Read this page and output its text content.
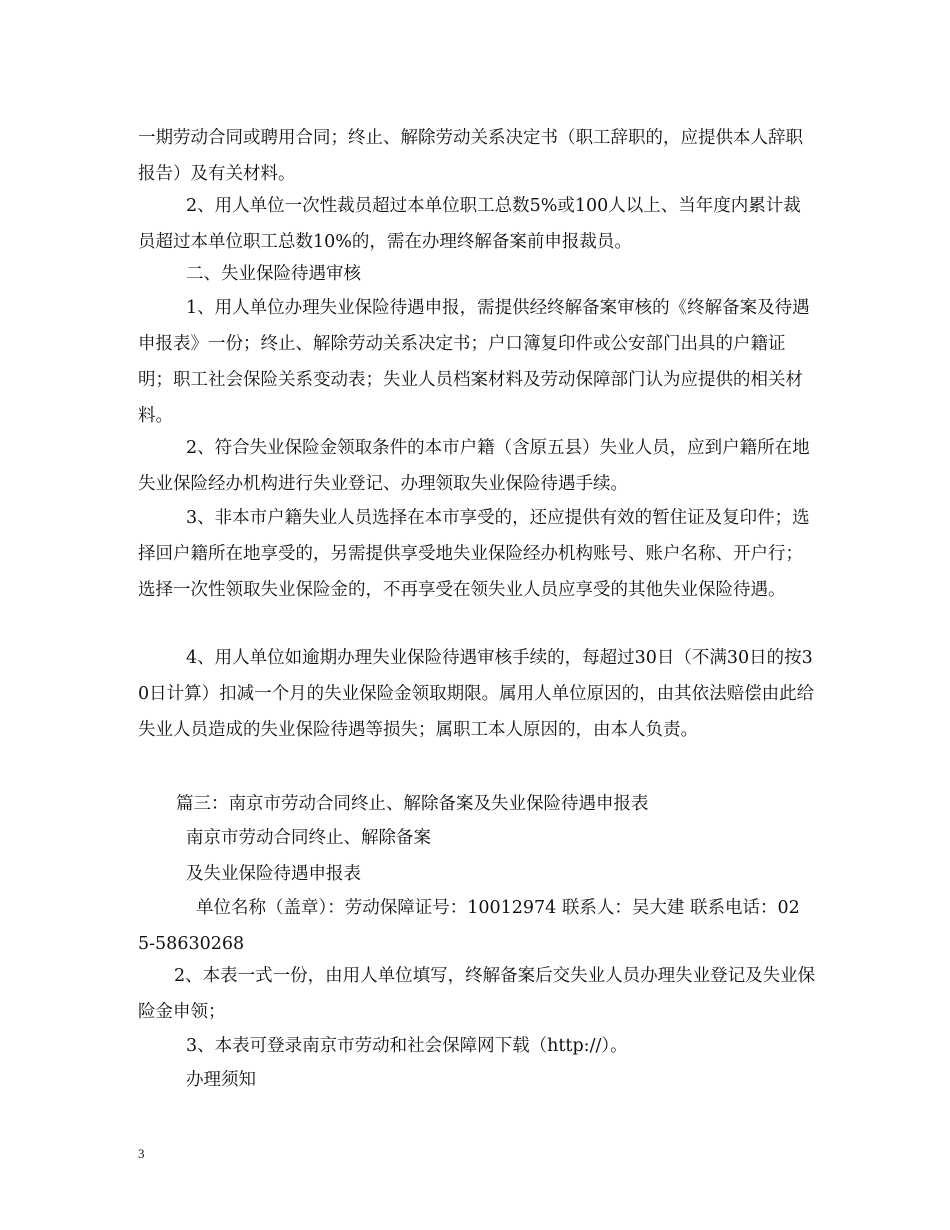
一期劳动合同或聘用合同；终止、解除劳动关系决定书（职工辞职的，应提供本人辞职报告）及有关材料。

2、用人单位一次性裁员超过本单位职工总数5%或100人以上、当年度内累计裁员超过本单位职工总数10%的，需在办理终解备案前申报裁员。

二、失业保险待遇审核

1、用人单位办理失业保险待遇申报，需提供经终解备案审核的《终解备案及待遇申报表》一份；终止、解除劳动关系决定书；户口簿复印件或公安部门出具的户籍证明；职工社会保险关系变动表；失业人员档案材料及劳动保障部门认为应提供的相关材料。

2、符合失业保险金领取条件的本市户籍（含原五县）失业人员，应到户籍所在地失业保险经办机构进行失业登记、办理领取失业保险待遇手续。

3、非本市户籍失业人员选择在本市享受的，还应提供有效的暂住证及复印件；选择回户籍所在地享受的，另需提供享受地失业保险经办机构账号、账户名称、开户行；选择一次性领取失业保险金的，不再享受在领失业人员应享受的其他失业保险待遇。

4、用人单位如逾期办理失业保险待遇审核手续的，每超过30日（不满30日的按30日计算）扣减一个月的失业保险金领取期限。属用人单位原因的，由其依法赔偿由此给失业人员造成的失业保险待遇等损失；属职工本人原因的，由本人负责。

篇三：南京市劳动合同终止、解除备案及失业保险待遇申报表

南京市劳动合同终止、解除备案

及失业保险待遇申报表

单位名称（盖章）：劳动保障证号：10012974 联系人：吴大建 联系电话：025-58630268

2、本表一式一份，由用人单位填写，终解备案后交失业人员办理失业登记及失业保险金申领；

3、本表可登录南京市劳动和社会保障网下载（http://）。

办理须知

3
